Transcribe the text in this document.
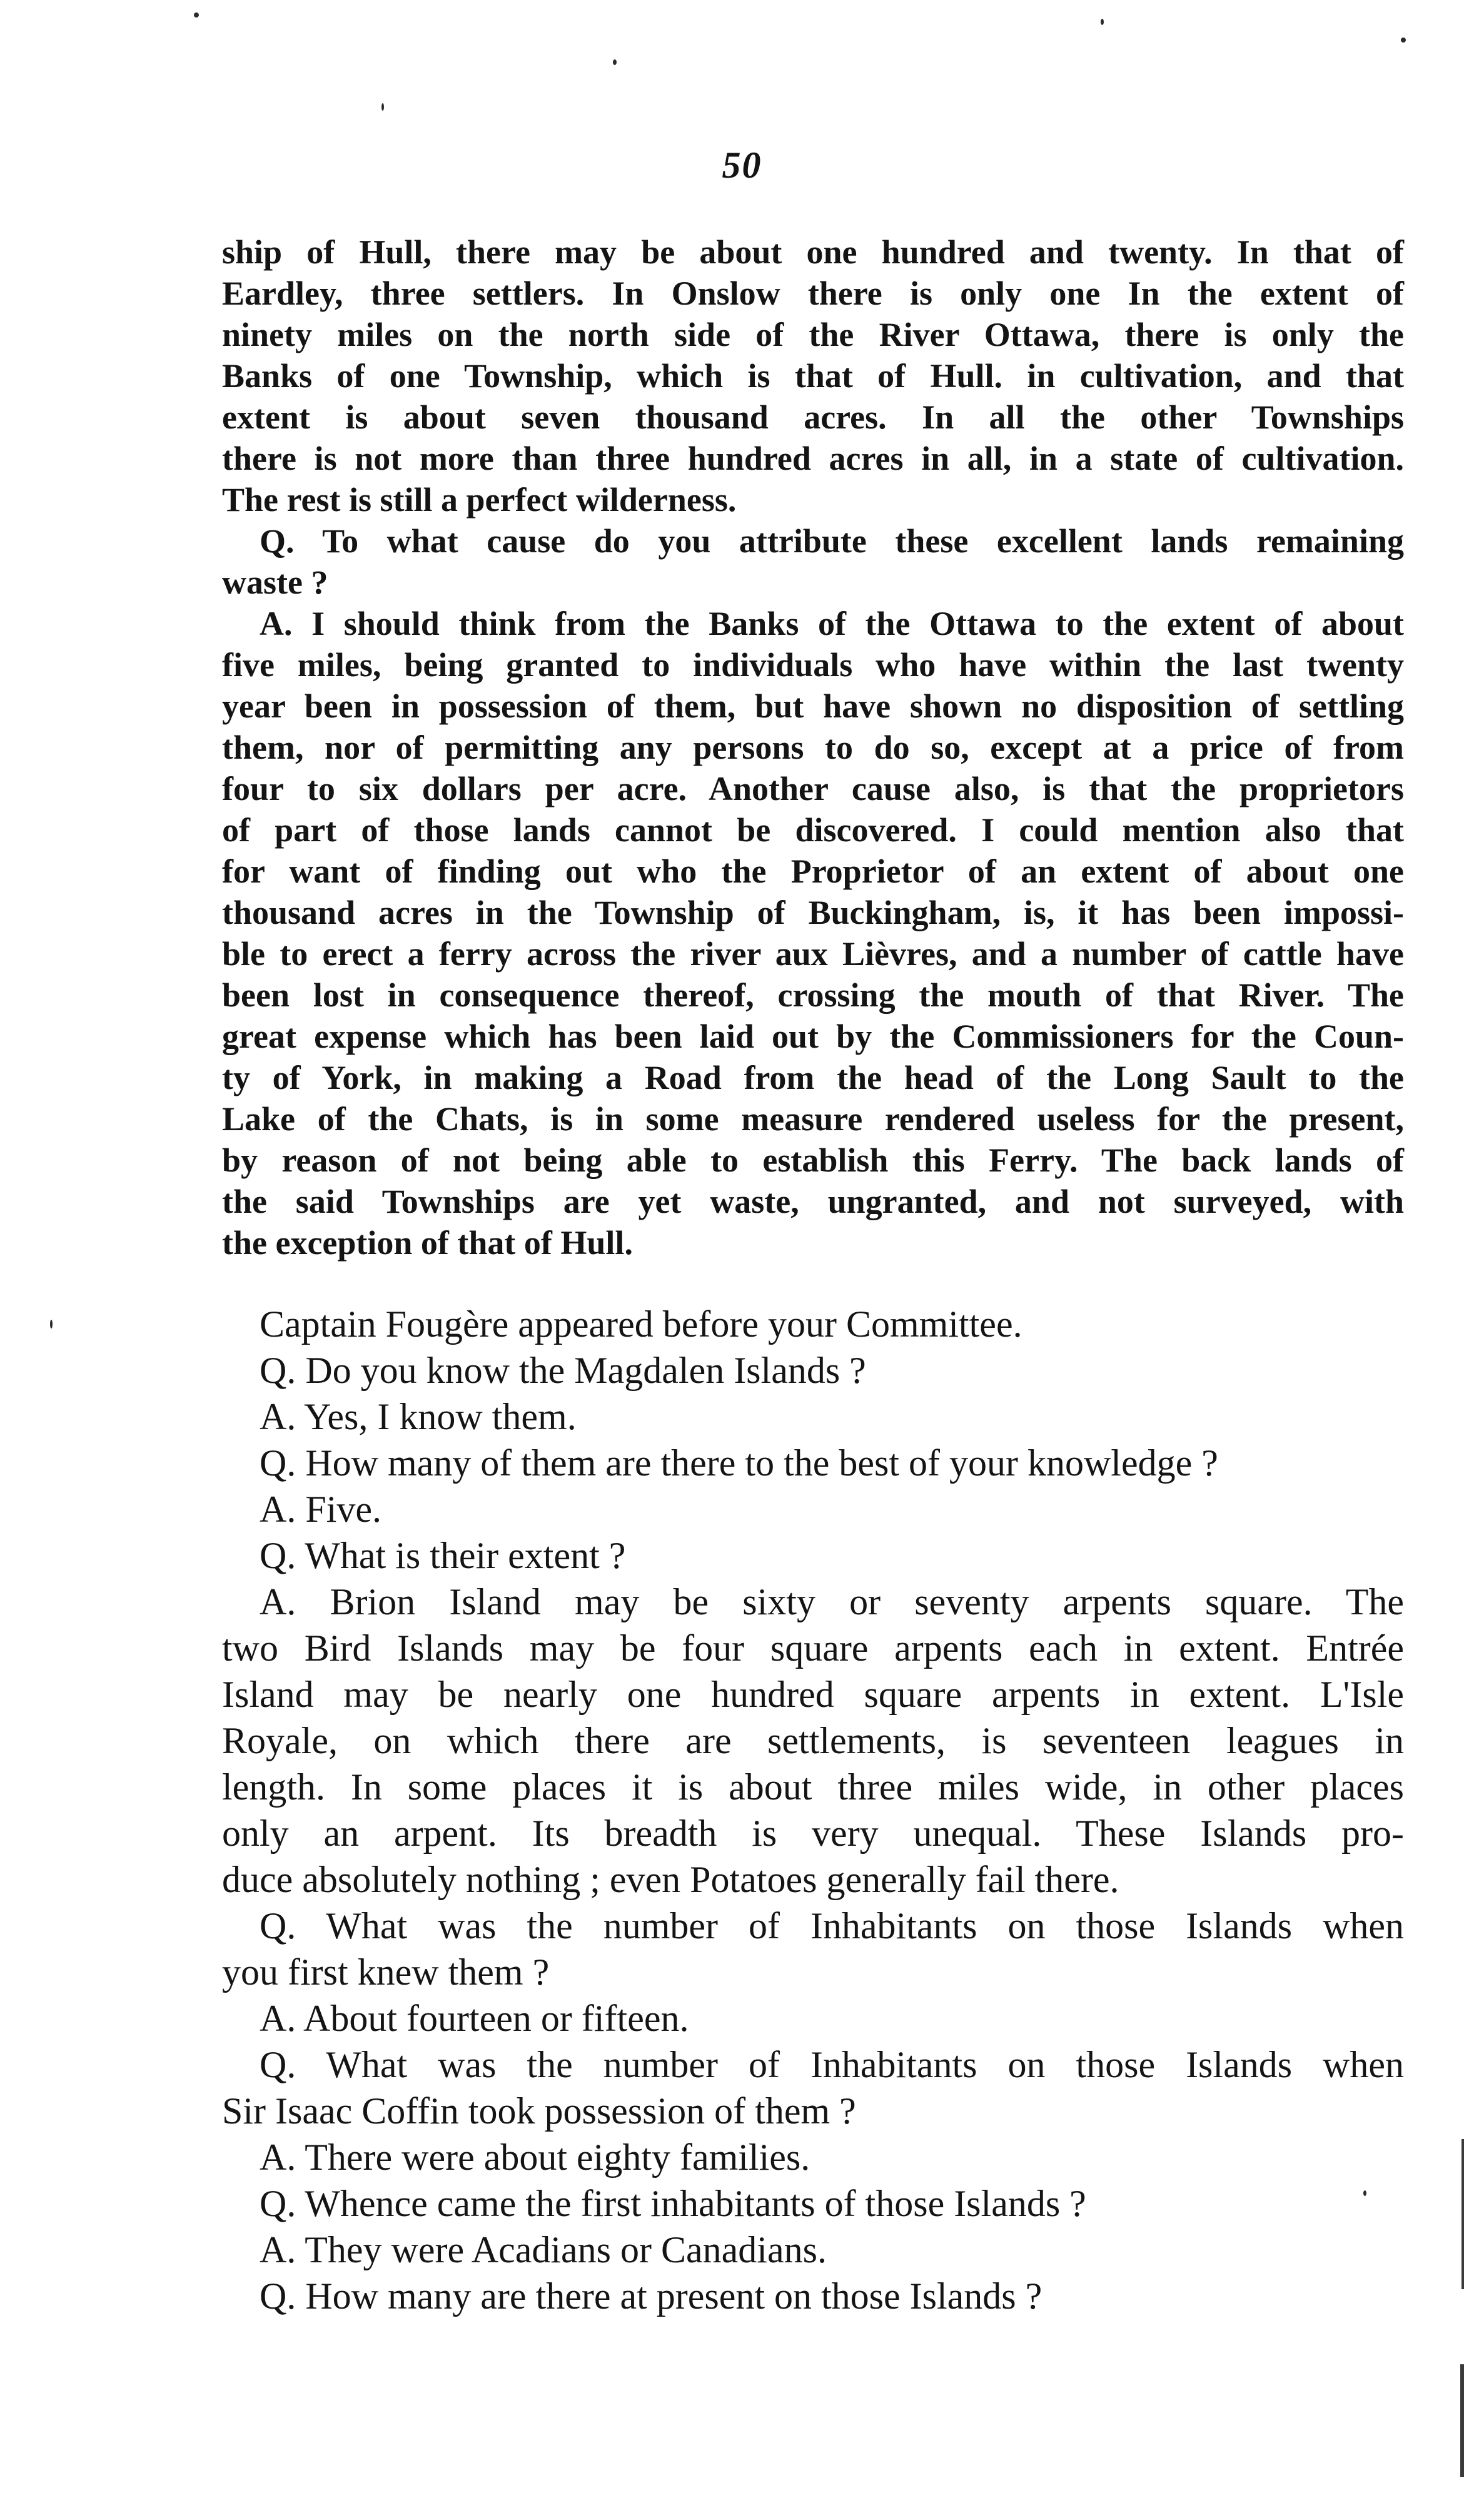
50
ship of Hull, there may be about one hundred and twenty. In that of
Eardley, three settlers. In Onslow there is only one In the extent of
ninety miles on the north side of the River Ottawa, there is only the
Banks of one Township, which is that of Hull. in cultivation, and that
extent is about seven thousand acres. In all the other Townships
there is not more than three hundred acres in all, in a state of cultivation.
The rest is still a perfect wilderness.
Q. To what cause do you attribute these excellent lands remaining
waste ?
A. I should think from the Banks of the Ottawa to the extent of about
five miles, being granted to individuals who have within the last twenty
year been in possession of them, but have shown no disposition of settling
them, nor of permitting any persons to do so, except at a price of from
four to six dollars per acre. Another cause also, is that the proprietors
of part of those lands cannot be discovered. I could mention also that
for want of finding out who the Proprietor of an extent of about one
thousand acres in the Township of Buckingham, is, it has been impossi-
ble to erect a ferry across the river aux Lièvres, and a number of cattle have
been lost in consequence thereof, crossing the mouth of that River. The
great expense which has been laid out by the Commissioners for the Coun-
ty of York, in making a Road from the head of the Long Sault to the
Lake of the Chats, is in some measure rendered useless for the present,
by reason of not being able to establish this Ferry. The back lands of
the said Townships are yet waste, ungranted, and not surveyed, with
the exception of that of Hull.
Captain Fougère appeared before your Committee.
Q. Do you know the Magdalen Islands ?
A. Yes, I know them.
Q. How many of them are there to the best of your knowledge ?
A. Five.
Q. What is their extent ?
A. Brion Island may be sixty or seventy arpents square. The
two Bird Islands may be four square arpents each in extent. Entrée
Island may be nearly one hundred square arpents in extent. L'Isle
Royale, on which there are settlements, is seventeen leagues in
length. In some places it is about three miles wide, in other places
only an arpent. Its breadth is very unequal. These Islands pro-
duce absolutely nothing ; even Potatoes generally fail there.
Q. What was the number of Inhabitants on those Islands when
you first knew them ?
A. About fourteen or fifteen.
Q. What was the number of Inhabitants on those Islands when
Sir Isaac Coffin took possession of them ?
A. There were about eighty families.
Q. Whence came the first inhabitants of those Islands ?
A. They were Acadians or Canadians.
Q. How many are there at present on those Islands ?
